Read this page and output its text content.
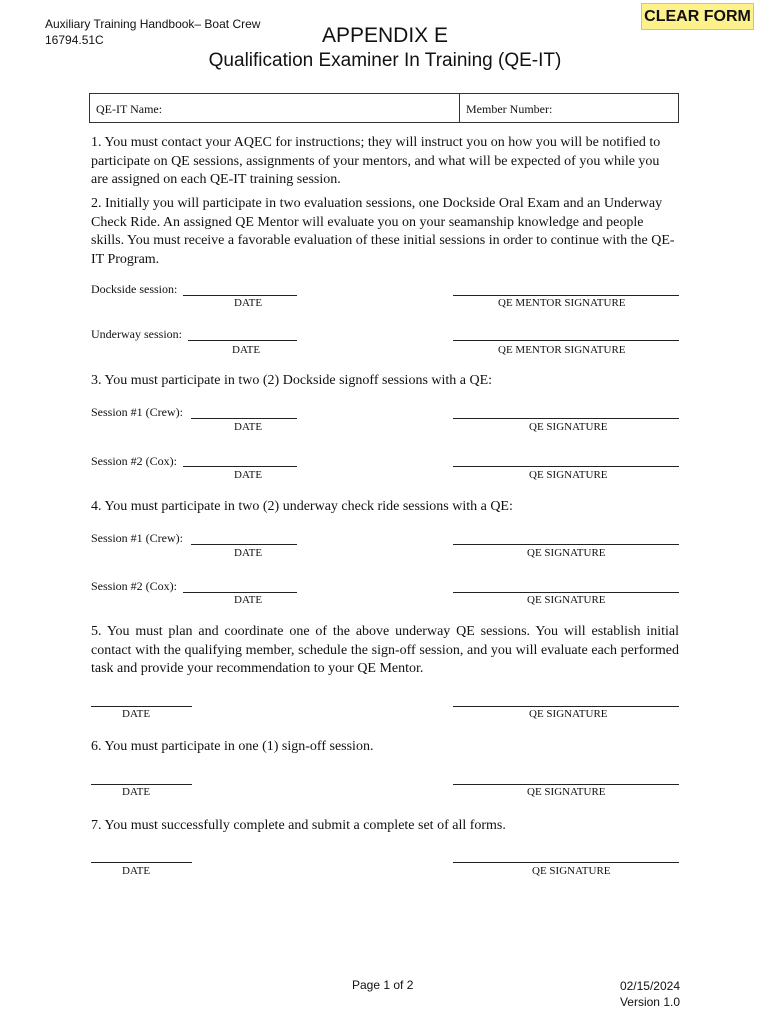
Auxiliary Training Handbook– Boat Crew
16794.51C	APPENDIX E
Qualification Examiner In Training (QE-IT)
CLEAR FORM
QE-IT Name:	Member Number:
1. You must contact your AQEC for instructions; they will instruct you on how you will be notified to participate on QE sessions, assignments of your mentors, and what will be expected of you while you are assigned on each QE-IT training session.
2. Initially you will participate in two evaluation sessions, one Dockside Oral Exam and an Underway Check Ride. An assigned QE Mentor will evaluate you on your seamanship knowledge and people skills. You must receive a favorable evaluation of these initial sessions in order to continue with the QE-IT Program.
Dockside session:
DATE	QE MENTOR SIGNATURE
Underway session:
DATE	QE MENTOR SIGNATURE
3. You must participate in two (2) Dockside signoff sessions with a QE:
Session #1 (Crew):
DATE	QE SIGNATURE
Session #2 (Cox):
DATE	QE SIGNATURE
4. You must participate in two (2) underway check ride sessions with a QE:
Session #1 (Crew):
DATE	QE SIGNATURE
Session #2 (Cox):
DATE	QE SIGNATURE
5. You must plan and coordinate one of the above underway QE sessions. You will establish initial contact with the qualifying member, schedule the sign-off session, and you will evaluate each performed task and provide your recommendation to your QE Mentor.
DATE	QE SIGNATURE
6. You must participate in one (1) sign-off session.
DATE	QE SIGNATURE
7. You must successfully complete and submit a complete set of all forms.
DATE	QE SIGNATURE
Page 1 of 2	02/15/2024
Version 1.0
